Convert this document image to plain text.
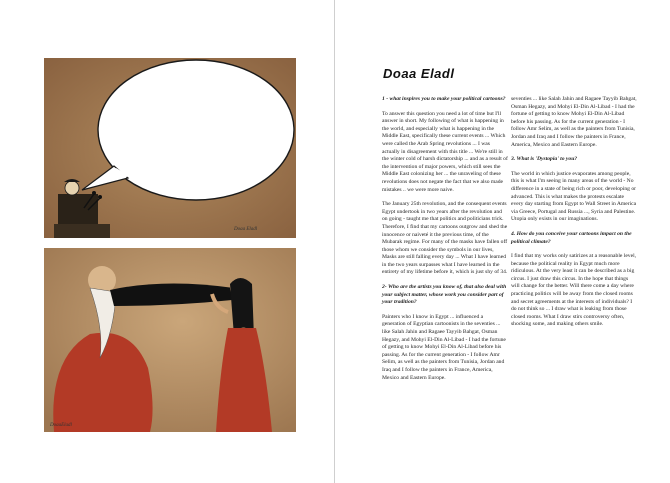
Doaa Eladl
DoaaEladl
Doaa Eladl

1 - what inspires you to make your political cartoons?

To answer this question you need a lot of time but I'll answer in short. My following of what is happening in the world, and especially what is happening in the Middle East, specifically these current events ... Which were called the Arab Spring revolutions ... I was actually in disagreement with this title ... We're still in the winter cold of harsh dictatorship ... and as a result of the intervention of major powers, which still sees the Middle East colonizing her ... the unraveling of these revolutions does not negate the fact that we also made mistakes .. we were more naive.

The January 25th revolution, and the consequent events Egypt undertook in two years after the revolution and on going - taught me that politics and politicians trick. Therefore, I find that my cartoons outgrow and shed the innocence or naiveté it the previous time, of the Mubarak regime. For many of the masks have fallen off those whom we consider the symbols in our lives, Masks are still falling every day ... What I have learned in the two years surpasses what I have learned in the entirety of my lifetime before it, which is just shy of 34.

2- Who are the artists you know of, that also deal with your subject matter, whose work you consider part of your tradition?

Painters who I know in Egypt ... influenced a generation of Egyptian cartoonists in the seventies ... like Salah Jahin and Ragaee Tayyib Bahgat, Osman Hegazy, and Mohyi El-Din Al-Libad - I had the fortune of getting to know Mohyi El-Din Al-Libad before his passing. As for the current generation - I follow Amr Selim, as well as the painters from Tunisia, Jordan and Iraq and I follow the painters in France, America, Mexico and Eastern Europe.

seventies ... like Salah Jahin and Ragaee Tayyib Bahgat, Osman Hegazy, and Mohyi El-Din Al-Libad - I had the fortune of getting to know Mohyi El-Din Al-Libad before his passing. As for the current generation - I follow Amr Selim, as well as the painters from Tunisia, Jordan and Iraq and I follow the painters in France, America, Mexico and Eastern Europe.

3. What is 'Dystopia' to you?

The world in which justice evaporates among people, this is what I'm seeing in many areas of the world - No difference in a state of being rich or poor, developing or advanced. This is what makes the protests escalate every day starting from Egypt to Wall Street in America via Greece, Portugal and Russia ..., Syria and Palestine. Utopia only exists in our imaginations.

4. How do you conceive your cartoons impact on the political climate?

I find that my works only satirizes at a reasonable level, because the political reality in Egypt much more ridiculous. At the very least it can be described as a big circus. I just draw this circus. In the hope that things will change for the better. Will there come a day where practicing politics will be away from the closed rooms and secret agreements at the interests of individuals? I do not think so ... I draw what is leaking from those closed rooms. What I draw stirs controversy often, shocking some, and making others smile.
